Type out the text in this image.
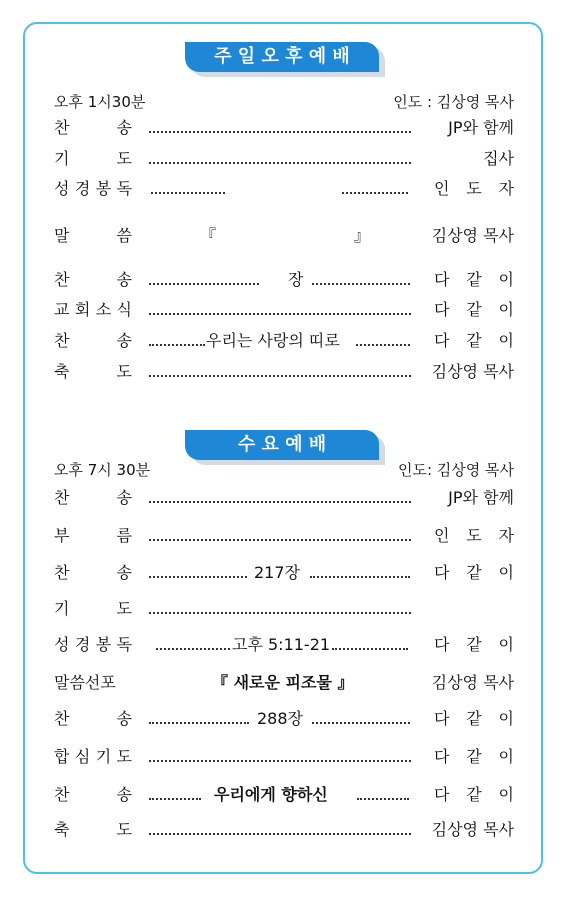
주 일 오 후 예 배
오후 1시30분	인도 : 김상영 목사
찬	송	JP와 함께
기	도	집사
성 경 봉 독	인 도 자
말	씀	『	』	김상영 목사
찬	송	장	다 같 이
교 회 소 식	다 같 이
찬	송	우리는 사랑의 띠로	다 같 이
축	도	김상영 목사
수 요 예 배
오후 7시 30분	인도: 김상영 목사
찬	송	JP와 함께
부	름	인 도 자
찬	송	217장	다 같 이
기	도
성 경 봉 독	고후 5:11-21	다 같 이
말씀선포	『 새로운 피조물 』	김상영 목사
찬	송	288장	다 같 이
합 심 기 도	다 같 이
찬	송	우리에게 향하신	다 같 이
축	도	김상영 목사
